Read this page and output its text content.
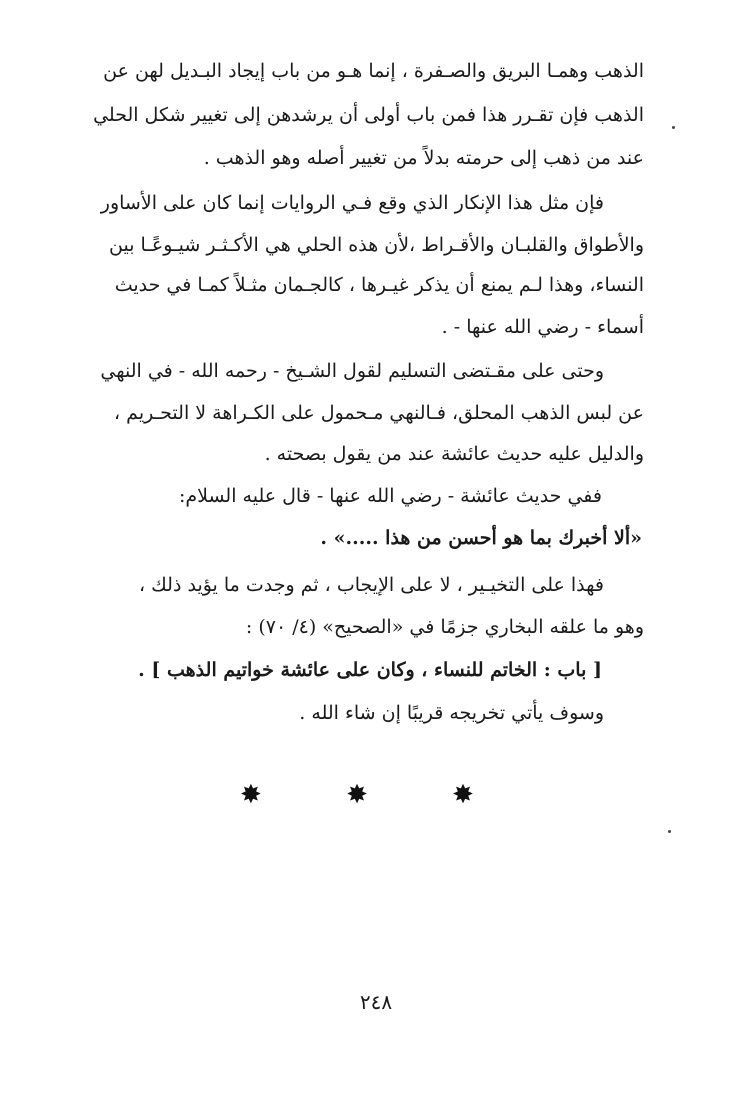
الذهب وهمـا البريق والصـفرة ، إنما هـو من باب إيجاد البـديل لهن عن
الذهب فإن تقـرر هذا فمن باب أولى أن يرشدهن إلى تغيير شكل الحلي
عند من ذهب إلى حرمته بدلاً من تغيير أصله وهو الذهب .
فإن مثل هذا الإنكار الذي وقع فـي الروايات إنما كان على الأساور
والأطواق والقلبـان والأقـراط ،لأن هذه الحلي هي الأكـثـر شيـوعًـا بين
النساء، وهذا لـم يمنع أن يذكر غيـرها ، كالجـمان مثـلاً كمـا في حديث
أسماء - رضي الله عنها - .
وحتى على مقـتضى التسليم لقول الشـيخ - رحمه الله - في النهي
عن لبس الذهب المحلق، فـالنهي مـحمول على الكـراهة لا التحـريم ،
والدليل عليه حديث عائشة عند من يقول بصحته .
ففي حديث عائشة - رضي الله عنها - قال عليه السلام:
«ألا أخبرك بما هو أحسن من هذا .....» .
فهذا على التخيـير ، لا على الإيجاب ، ثم وجدت ما يؤيد ذلك ،
وهو ما علقه البخاري جزمًا في «الصحيح» (٤/ ٧٠) :
[ باب : الخاتم للنساء ، وكان على عائشة خواتيم الذهب ] .
وسوف يأتي تخريجه قريبًا إن شاء الله .
✸ ✸ ✸
٢٤٨
